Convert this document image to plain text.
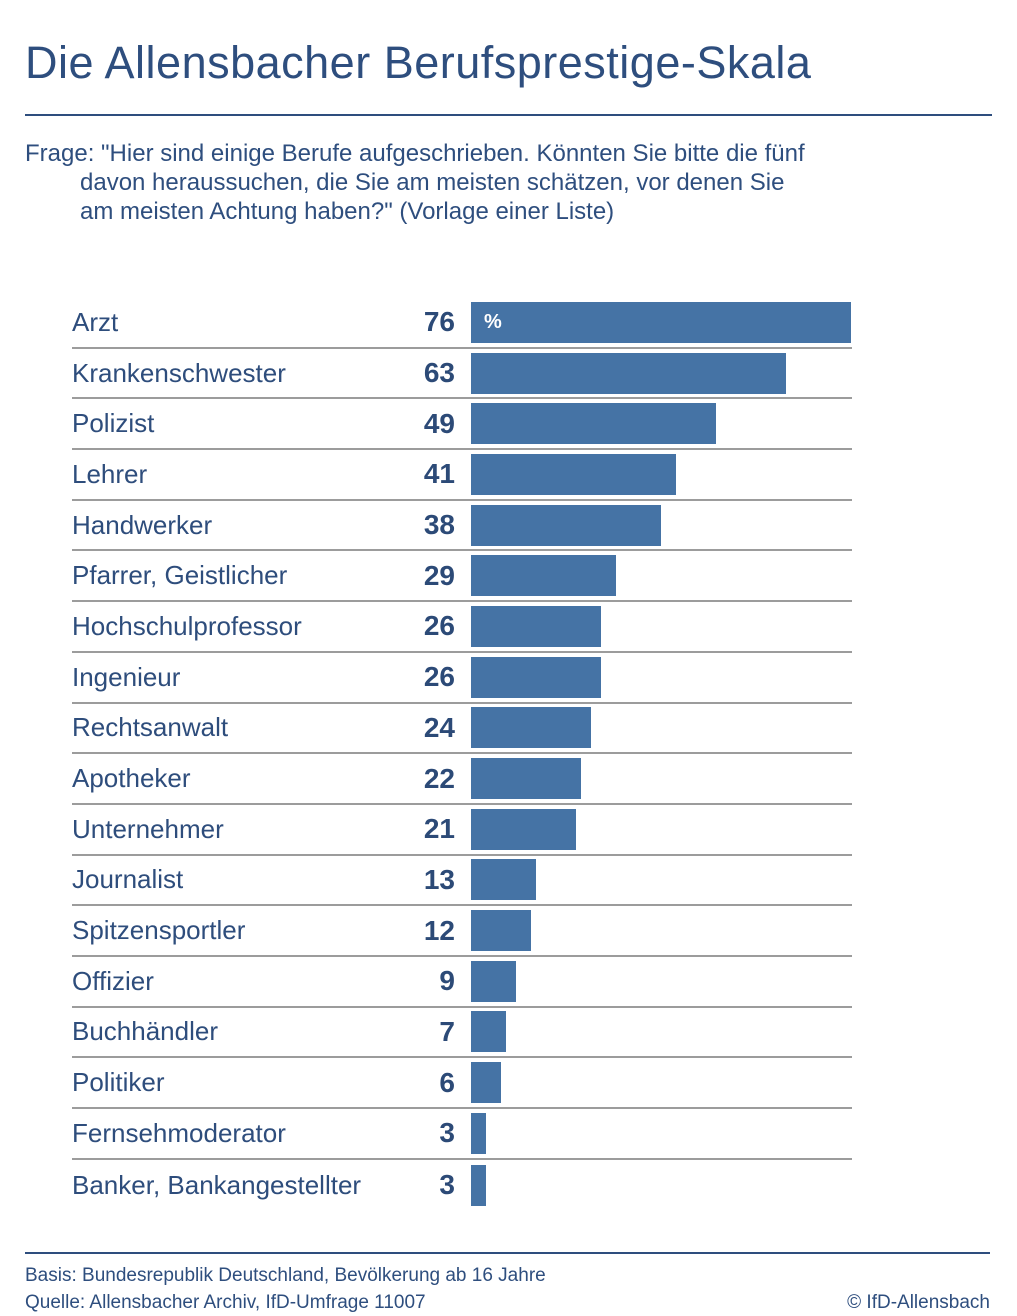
Die Allensbacher Berufsprestige-Skala
Frage: "Hier sind einige Berufe aufgeschrieben. Könnten Sie bitte die fünf
davon heraussuchen, die Sie am meisten schätzen, vor denen Sie
am meisten Achtung haben?" (Vorlage einer Liste)
Arzt	76 %
Krankenschwester	63
Polizist	49
Lehrer	41
Handwerker	38
Pfarrer, Geistlicher	29
Hochschulprofessor	26
Ingenieur	26
Rechtsanwalt	24
Apotheker	22
Unternehmer	21
Journalist	13
Spitzensportler	12
Offizier	9
Buchhändler	7
Politiker	6
Fernsehmoderator	3
Banker, Bankangestellter	3
Basis: Bundesrepublik Deutschland, Bevölkerung ab 16 Jahre
Quelle: Allensbacher Archiv, IfD-Umfrage 11007	© IfD-Allensbach
